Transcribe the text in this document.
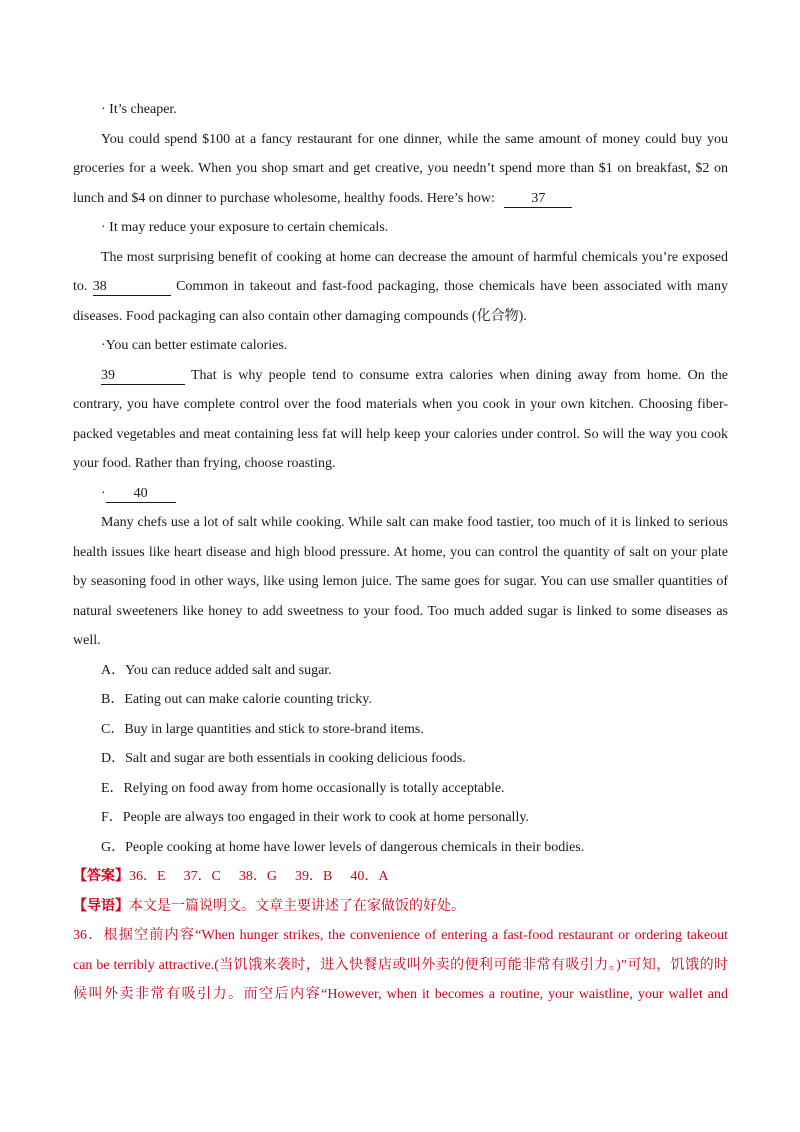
· It’s cheaper.
You could spend $100 at a fancy restaurant for one dinner, while the same amount of money could buy you
groceries for a week. When you shop smart and get creative, you needn’t spend more than $1 on breakfast, $2 on
lunch and $4 on dinner to purchase wholesome, healthy foods. Here’s how:	37
· It may reduce your exposure to certain chemicals.
The most surprising benefit of cooking at home can decrease the amount of harmful chemicals you’re exposed
to. 38	Common in takeout and fast-food packaging, those chemicals have been associated with many
diseases. Food packaging can also contain other damaging compounds (化合物).
·You can better estimate calories.
39	That is why people tend to consume extra calories when dining away from home. On the
contrary, you have complete control over the food materials when you cook in your own kitchen. Choosing fiber-
packed vegetables and meat containing less fat will help keep your calories under control. So will the way you cook
your food. Rather than frying, choose roasting.
· 40
Many chefs use a lot of salt while cooking. While salt can make food tastier, too much of it is linked to serious
health issues like heart disease and high blood pressure. At home, you can control the quantity of salt on your plate
by seasoning food in other ways, like using lemon juice. The same goes for sugar. You can use smaller quantities of
natural sweeteners like honey to add sweetness to your food. Too much added sugar is linked to some diseases as
well.
A．You can reduce added salt and sugar.
B．Eating out can make calorie counting tricky.
C．Buy in large quantities and stick to store-brand items.
D．Salt and sugar are both essentials in cooking delicious foods.
E．Relying on food away from home occasionally is totally acceptable.
F．People are always too engaged in their work to cook at home personally.
G．People cooking at home have lower levels of dangerous chemicals in their bodies.
【答案】36．E 37．C 38．G 39．B 40．A
【导语】本文是一篇说明文。文章主要讲述了在家做饭的好处。
36．根据空前内容“When hunger strikes, the convenience of entering a fast-food restaurant or ordering takeout
can be terribly attractive.(当饥饿来袭时，进入快餐店或叫外卖的便利可能非常有吸引力。)”可知，饥饿的时
候叫外卖非常有吸引力。而空后内容“However, when it becomes a routine, your waistline, your wallet and
